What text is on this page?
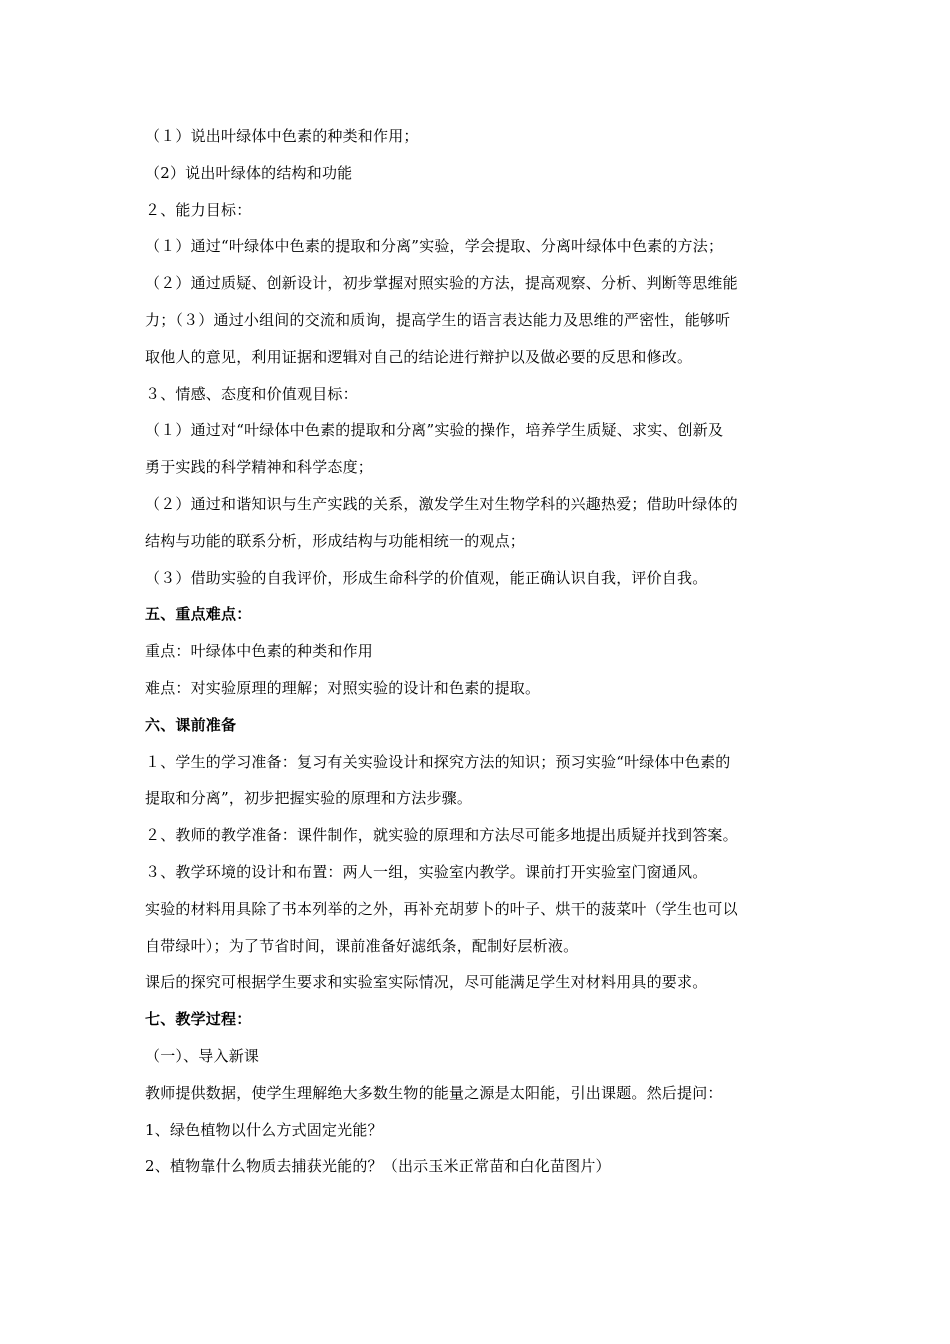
（１）说出叶绿体中色素的种类和作用；
（2）说出叶绿体的结构和功能
２、能力目标：
（１）通过“叶绿体中色素的提取和分离”实验，学会提取、分离叶绿体中色素的方法；
（２）通过质疑、创新设计，初步掌握对照实验的方法，提高观察、分析、判断等思维能
力；（３）通过小组间的交流和质询，提高学生的语言表达能力及思维的严密性，能够听
取他人的意见，利用证据和逻辑对自己的结论进行辩护以及做必要的反思和修改。
３、情感、态度和价值观目标：
（１）通过对“叶绿体中色素的提取和分离”实验的操作，培养学生质疑、求实、创新及
勇于实践的科学精神和科学态度；
（２）通过和谐知识与生产实践的关系，激发学生对生物学科的兴趣热爱；借助叶绿体的
结构与功能的联系分析，形成结构与功能相统一的观点；
（３）借助实验的自我评价，形成生命科学的价值观，能正确认识自我，评价自我。
五、重点难点：
重点：叶绿体中色素的种类和作用
难点：对实验原理的理解；对照实验的设计和色素的提取。
六、课前准备
１、学生的学习准备：复习有关实验设计和探究方法的知识；预习实验“叶绿体中色素的
提取和分离”，初步把握实验的原理和方法步骤。
２、教师的教学准备：课件制作，就实验的原理和方法尽可能多地提出质疑并找到答案。
３、教学环境的设计和布置：两人一组，实验室内教学。课前打开实验室门窗通风。
实验的材料用具除了书本列举的之外，再补充胡萝卜的叶子、烘干的菠菜叶（学生也可以
自带绿叶）；为了节省时间，课前准备好滤纸条，配制好层析液。
课后的探究可根据学生要求和实验室实际情况，尽可能满足学生对材料用具的要求。
七、教学过程：
（一）、导入新课
教师提供数据，使学生理解绝大多数生物的能量之源是太阳能，引出课题。然后提问：
1、绿色植物以什么方式固定光能？
2、植物靠什么物质去捕获光能的？（出示玉米正常苗和白化苗图片）
